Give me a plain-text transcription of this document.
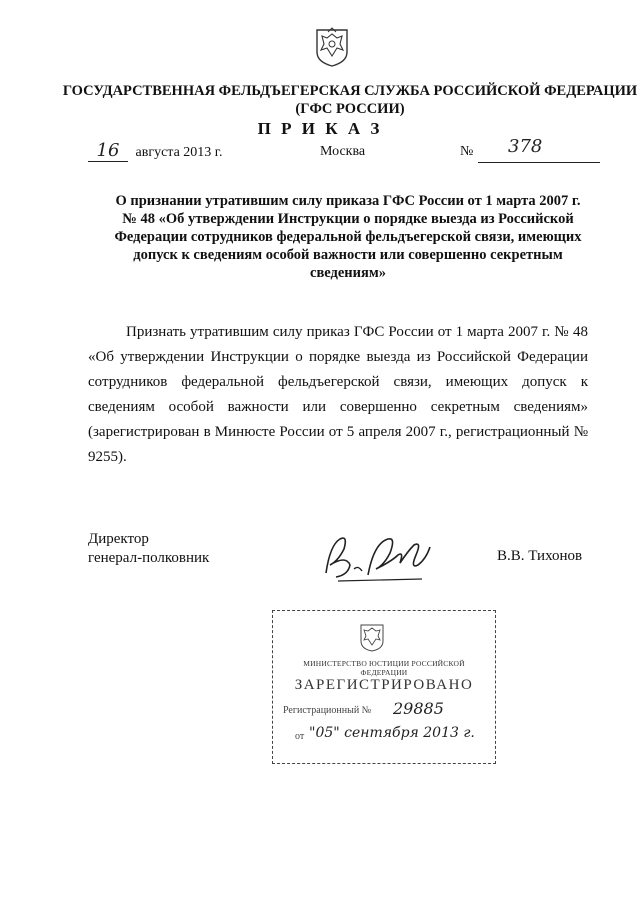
ГОСУДАРСТВЕННАЯ ФЕЛЬДЪЕГЕРСКАЯ СЛУЖБА РОССИЙСКОЙ ФЕДЕРАЦИИ
(ГФС РОССИИ)
П Р И К А З
16 августа 2013 г.	Москва	№ 378
О признании утратившим силу приказа ГФС России от 1 марта 2007 г.
№ 48 «Об утверждении Инструкции о порядке выезда из Российской
Федерации сотрудников федеральной фельдъегерской связи, имеющих
допуск к сведениям особой важности или совершенно секретным
сведениям»

Признать утратившим силу приказ ГФС России от 1 марта 2007 г. № 48 «Об утверждении Инструкции о порядке выезда из Российской Федерации сотрудников федеральной фельдъегерской связи, имеющих допуск к сведениям особой важности или совершенно секретным сведениям» (зарегистрирован в Минюсте России от 5 апреля 2007 г., регистрационный № 9255).

Директор
генерал-полковник	В.В. Тихонов
МИНИСТЕРСТВО ЮСТИЦИИ РОССИЙСКОЙ ФЕДЕРАЦИИ
ЗАРЕГИСТРИРОВАНО
Регистрационный № 29885
от "05" сентября 2013 г.
